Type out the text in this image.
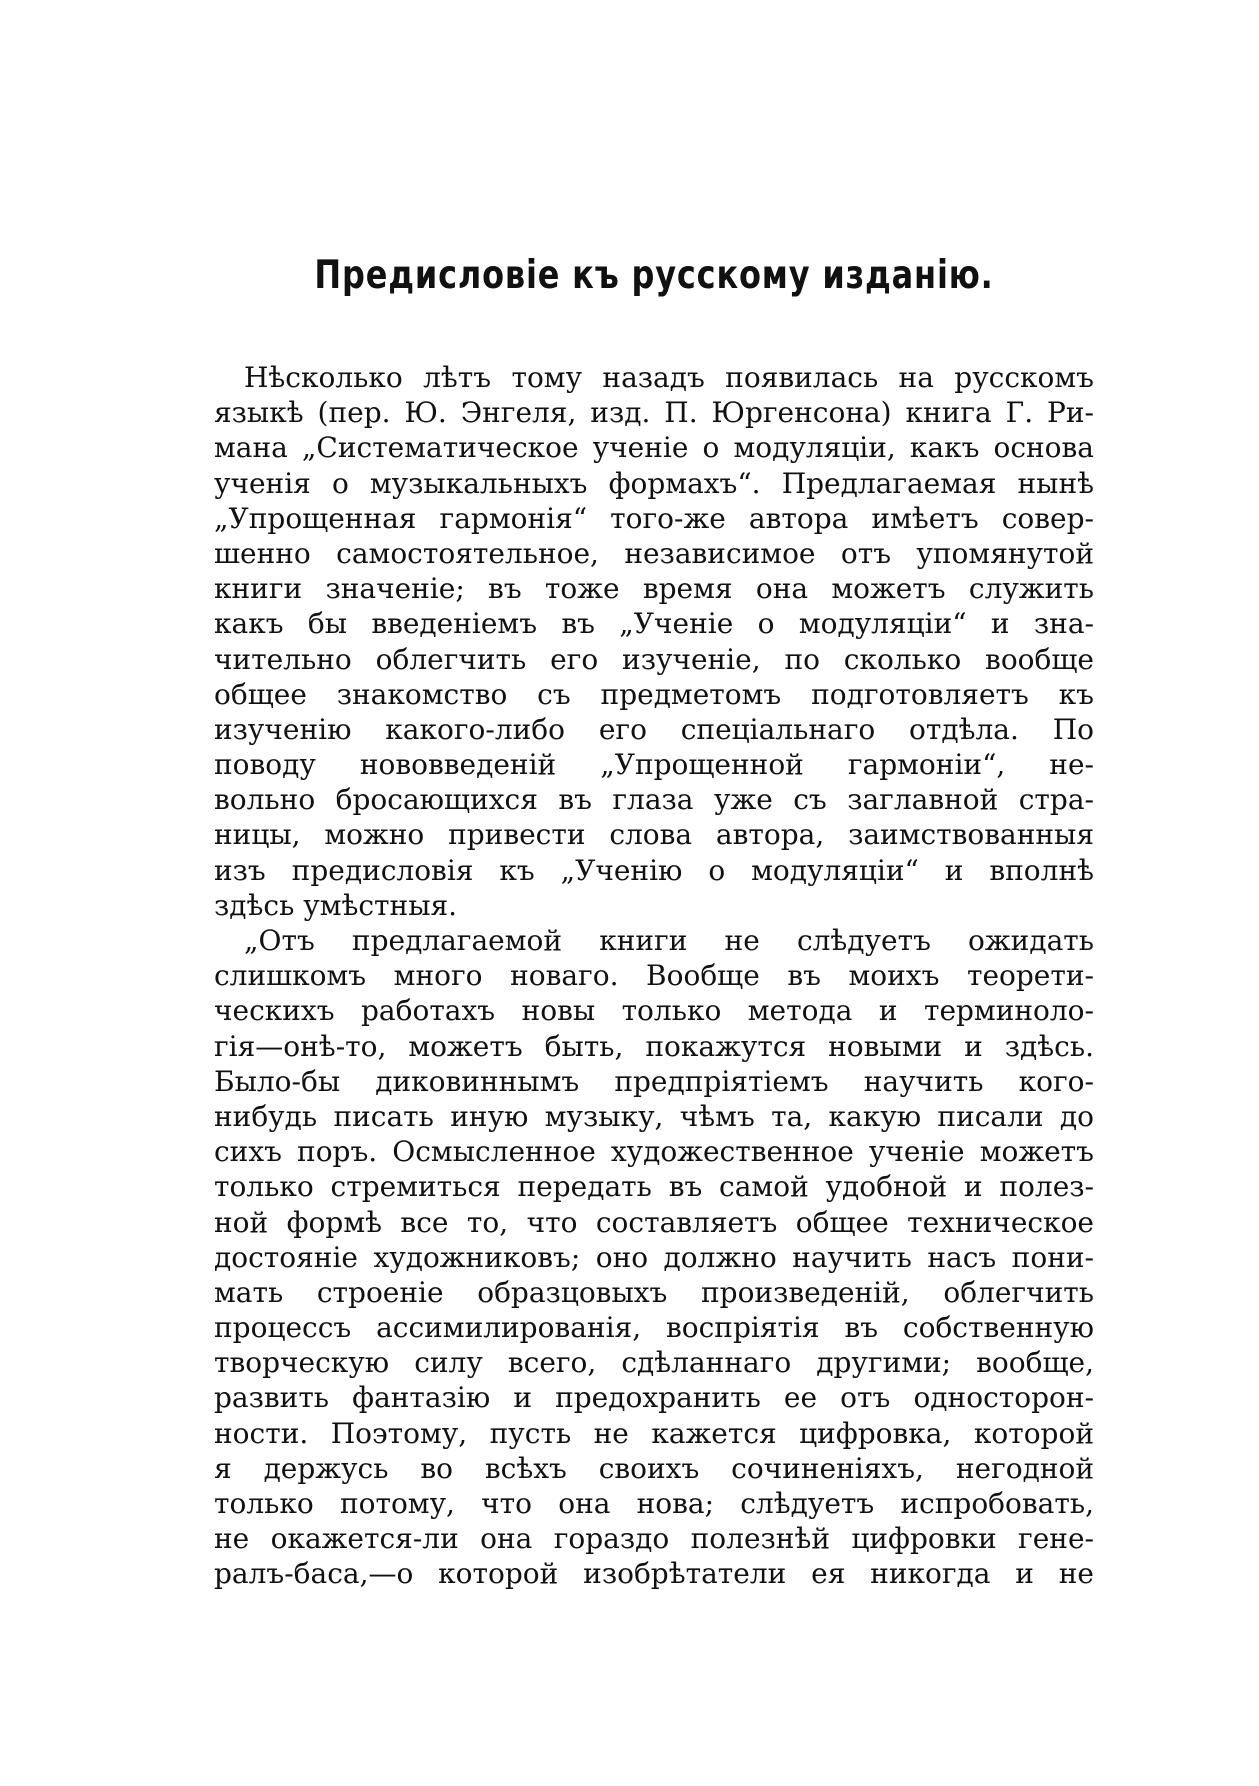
Предисловіе къ русскому изданію.
Нѣсколько лѣтъ тому назадъ появилась на русскомъ
языкѣ (пер. Ю. Энгеля, изд. П. Юргенсона) книга Г. Ри-
мана „Систематическое ученіе о модуляціи, какъ основа
ученія о музыкальныхъ формахъ“. Предлагаемая нынѣ
„Упрощенная гармонія“ того-же автора имѣетъ совер-
шенно самостоятельное, независимое отъ упомянутой
книги значеніе; въ тоже время она можетъ служить
какъ бы введеніемъ въ „Ученіе о модуляціи“ и зна-
чительно облегчить его изученіе, по сколько вообще
общее знакомство съ предметомъ подготовляетъ къ
изученію какого-либо его спеціальнаго отдѣла. По
поводу нововведеній „Упрощенной гармоніи“, не-
вольно бросающихся въ глаза уже съ заглавной стра-
ницы, можно привести слова автора, заимствованныя
изъ предисловія къ „Ученію о модуляціи“ и вполнѣ
здѣсь умѣстныя.
„Отъ предлагаемой книги не слѣдуетъ ожидать
слишкомъ много новаго. Вообще въ моихъ теорети-
ческихъ работахъ новы только метода и терминоло-
гія—онѣ-то, можетъ быть, покажутся новыми и здѣсь.
Было-бы диковиннымъ предпріятіемъ научить кого-
нибудь писать иную музыку, чѣмъ та, какую писали до
сихъ поръ. Осмысленное художественное ученіе можетъ
только стремиться передать въ самой удобной и полез-
ной формѣ все то, что составляетъ общее техническое
достояніе художниковъ; оно должно научить насъ пони-
мать строеніе образцовыхъ произведеній, облегчить
процессъ ассимилированія, воспріятія въ собственную
творческую силу всего, сдѣланнаго другими; вообще,
развить фантазію и предохранить ее отъ односторон-
ности. Поэтому, пусть не кажется цифровка, которой
я держусь во всѣхъ своихъ сочиненіяхъ, негодной
только потому, что она нова; слѣдуетъ испробовать,
не окажется-ли она гораздо полезнѣй цифровки гене-
ралъ-баса,—о которой изобрѣтатели ея никогда и не
